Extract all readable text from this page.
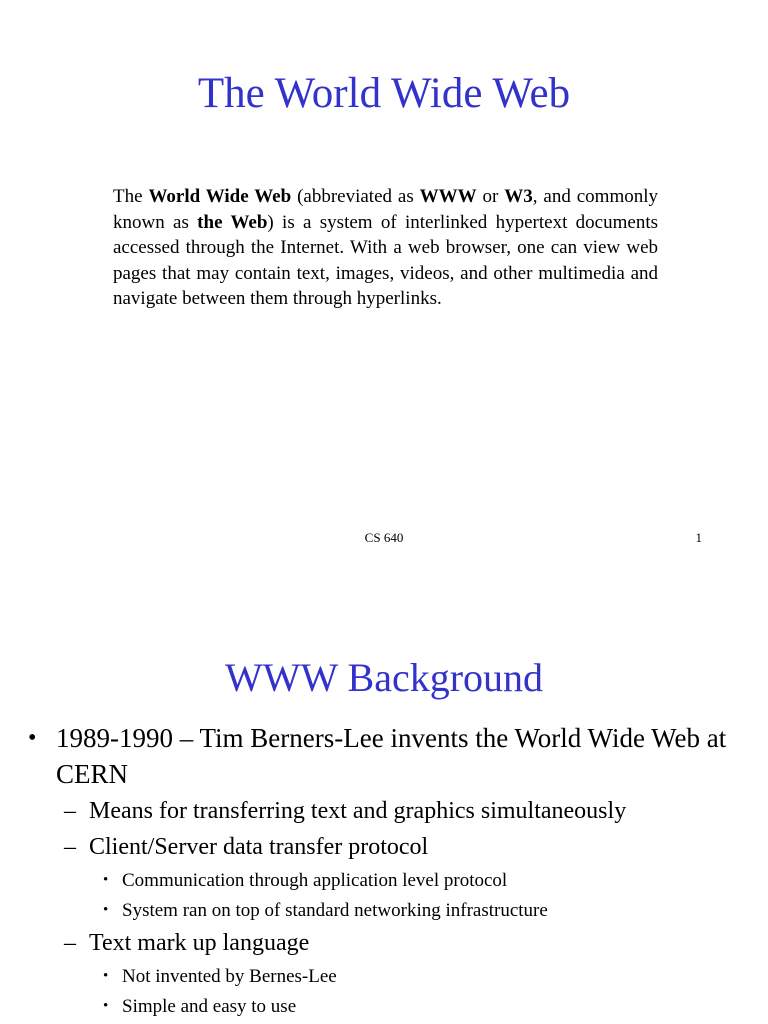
The World Wide Web

The World Wide Web (abbreviated as WWW or W3, and commonly known as the Web) is a system of interlinked hypertext documents accessed through the Internet. With a web browser, one can view web pages that may contain text, images, videos, and other multimedia and navigate between them through hyperlinks.

CS 640	1
WWW Background
• 1989-1990 – Tim Berners-Lee invents the World Wide Web at CERN
– Means for transferring text and graphics simultaneously
– Client/Server data transfer protocol
• Communication through application level protocol
• System ran on top of standard networking infrastructure
– Text mark up language
• Not invented by Bernes-Lee
• Simple and easy to use
